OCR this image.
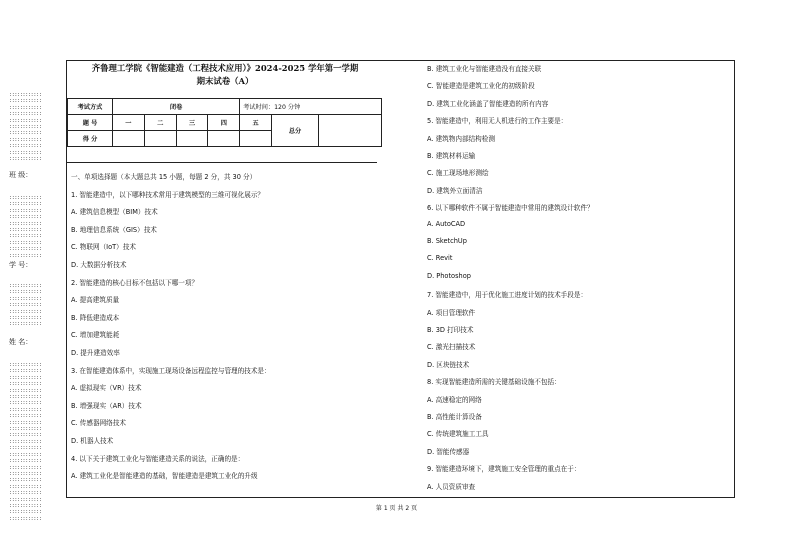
::::::::::::
::::::::::::
::::::::::::
::::::::::::
::::::::::::
::::::::::::
::::::::::::
::::::::::::
::::::::::::
::::::::::::
::::::::::::
班 级：
::::::::::::
::::::::::::
::::::::::::
::::::::::::
::::::::::::
::::::::::::
::::::::::::
::::::::::::
::::::::::::
::::::::::::
学 号：
::::::::::::
::::::::::::
::::::::::::
::::::::::::
::::::::::::
::::::::::::
::::::::::::
姓 名：
::::::::::::
::::::::::::
::::::::::::
::::::::::::
::::::::::::
::::::::::::
::::::::::::
::::::::::::
::::::::::::
::::::::::::
::::::::::::
::::::::::::
::::::::::::
::::::::::::
::::::::::::
::::::::::::
::::::::::::
::::::::::::
::::::::::::
::::::::::::
::::::::::::
::::::::::::
::::::::::::
::::::::::::
::::::::::::
齐鲁理工学院《智能建造（工程技术应用）》2024-2025 学年第一学期
期末试卷（A）
考试方式	闭卷				考试时间：120 分钟		
题 号	一	二	三	四	五	总分	
得 分							
一、单项选择题（本大题总共 15 小题，每题 2 分，共 30 分）
1. 智能建造中，以下哪种技术常用于建筑模型的三维可视化展示？
A. 建筑信息模型（BIM）技术
B. 地理信息系统（GIS）技术
C. 物联网（IoT）技术
D. 大数据分析技术
2. 智能建造的核心目标不包括以下哪一项？
A. 提高建筑质量
B. 降低建造成本
C. 增加建筑能耗
D. 提升建造效率
3. 在智能建造体系中，实现施工现场设备远程监控与管理的技术是：
A. 虚拟现实（VR）技术
B. 增强现实（AR）技术
C. 传感器网络技术
D. 机器人技术
4. 以下关于建筑工业化与智能建造关系的说法，正确的是：
A. 建筑工业化是智能建造的基础，智能建造是建筑工业化的升级
B. 建筑工业化与智能建造没有直接关联
C. 智能建造是建筑工业化的初级阶段
D. 建筑工业化涵盖了智能建造的所有内容
5. 智能建造中，利用无人机进行的工作主要是：
A. 建筑物内部结构检测
B. 建筑材料运输
C. 施工现场地形测绘
D. 建筑外立面清洁
6. 以下哪种软件不属于智能建造中常用的建筑设计软件？
A. AutoCAD
B. SketchUp
C. Revit
D. Photoshop
7. 智能建造中，用于优化施工进度计划的技术手段是：
A. 项目管理软件
B. 3D 打印技术
C. 激光扫描技术
D. 区块链技术
8. 实现智能建造所需的关键基础设施不包括：
A. 高速稳定的网络
B. 高性能计算设备
C. 传统建筑施工工具
D. 智能传感器
9. 智能建造环境下，建筑施工安全管理的重点在于：
A. 人员资质审查
第 1 页 共 2 页
